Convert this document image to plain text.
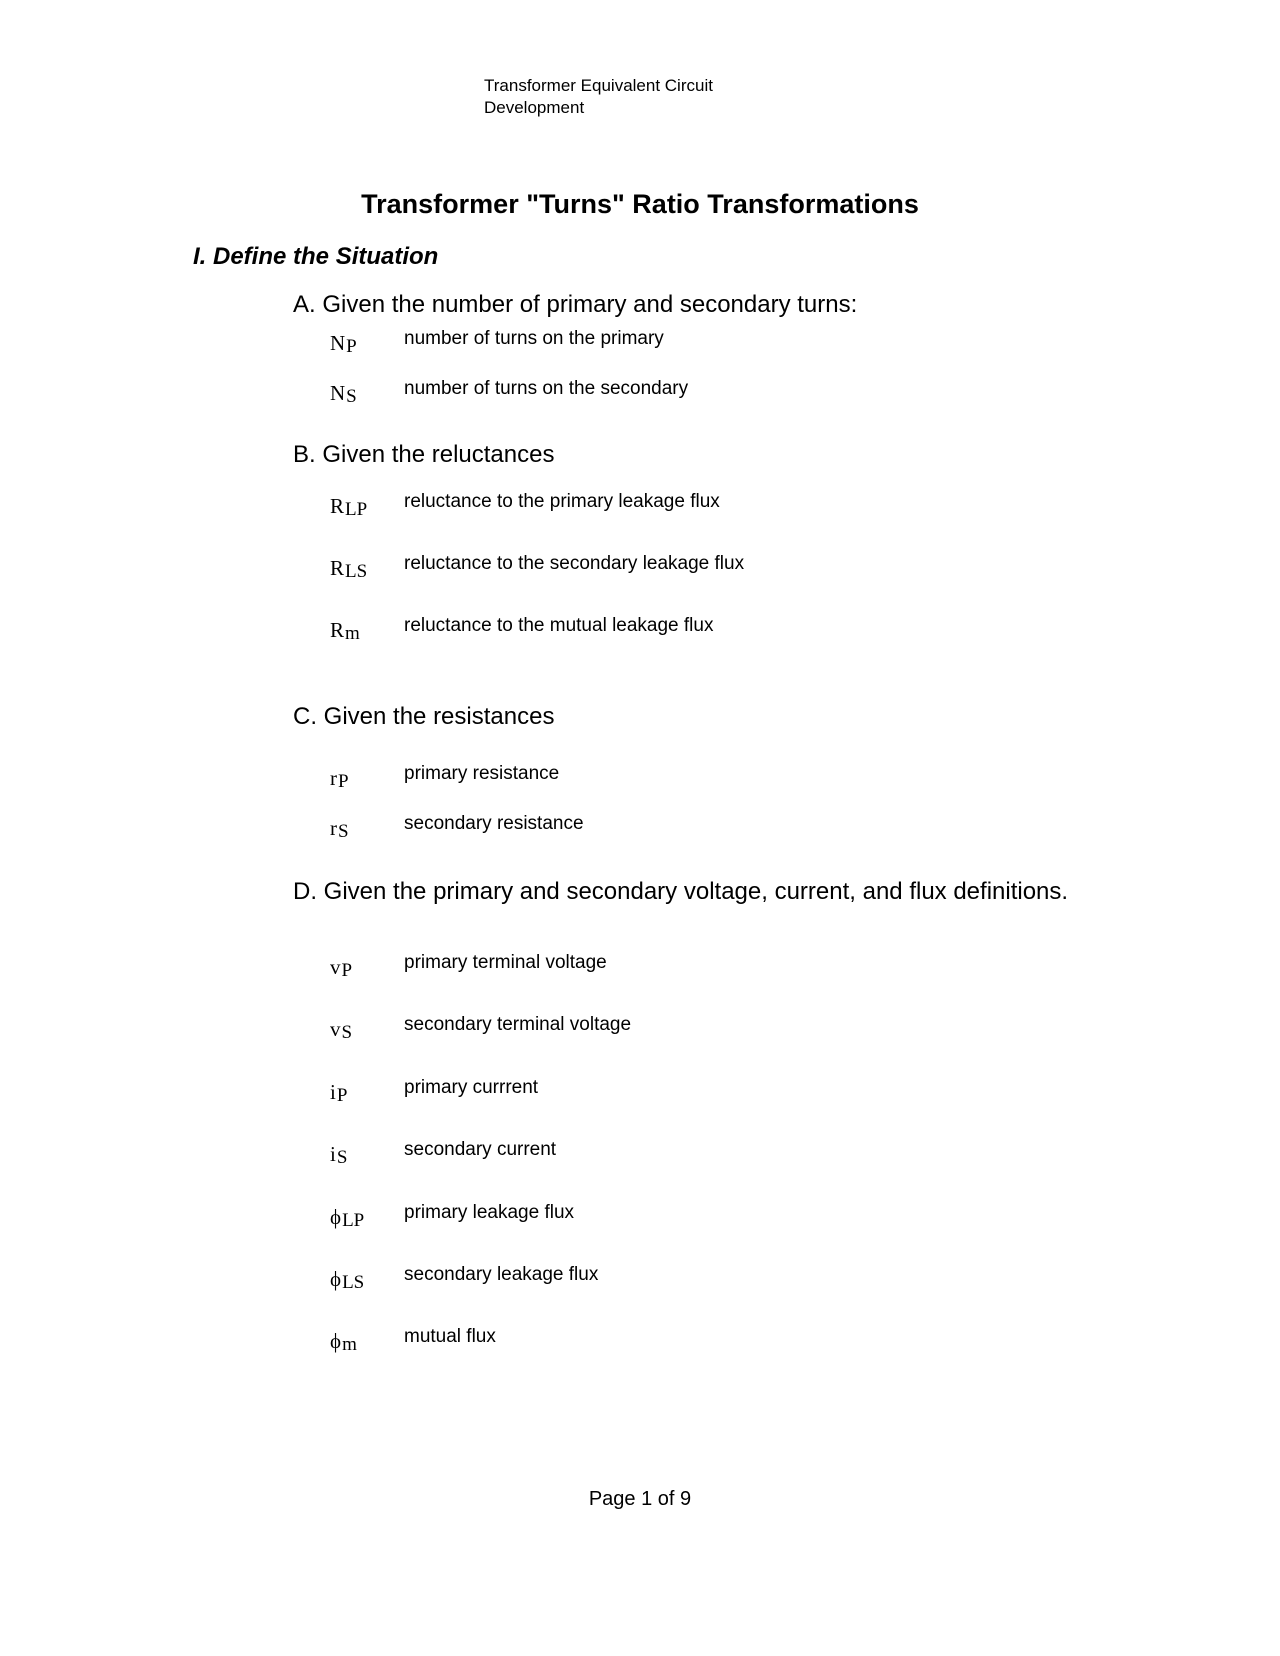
Transformer Equivalent Circuit
Development
Transformer "Turns" Ratio Transformations
I. Define the Situation
A. Given the number of primary and secondary turns:
$N_P$ number of turns on the primary
$N_S$ number of turns on the secondary
B. Given the reluctances
$R_{LP}$ reluctance to the primary leakage flux
$R_{LS}$ reluctance to the secondary leakage flux
$R_m$ reluctance to the mutual leakage flux
C. Given the resistances
$r_P$	primary resistance
$r_S$	secondary resistance
D. Given the primary and secondary voltage, current, and flux definitions.
$v_P$	primary terminal voltage
$v_S$	secondary terminal voltage
$i_P$	primary currrent
$i_S$	secondary current
$\phi_{LP}$ primary leakage flux
$\phi_{LS}$ secondary leakage flux
$\phi_m$ mutual flux
Page 1 of 9
